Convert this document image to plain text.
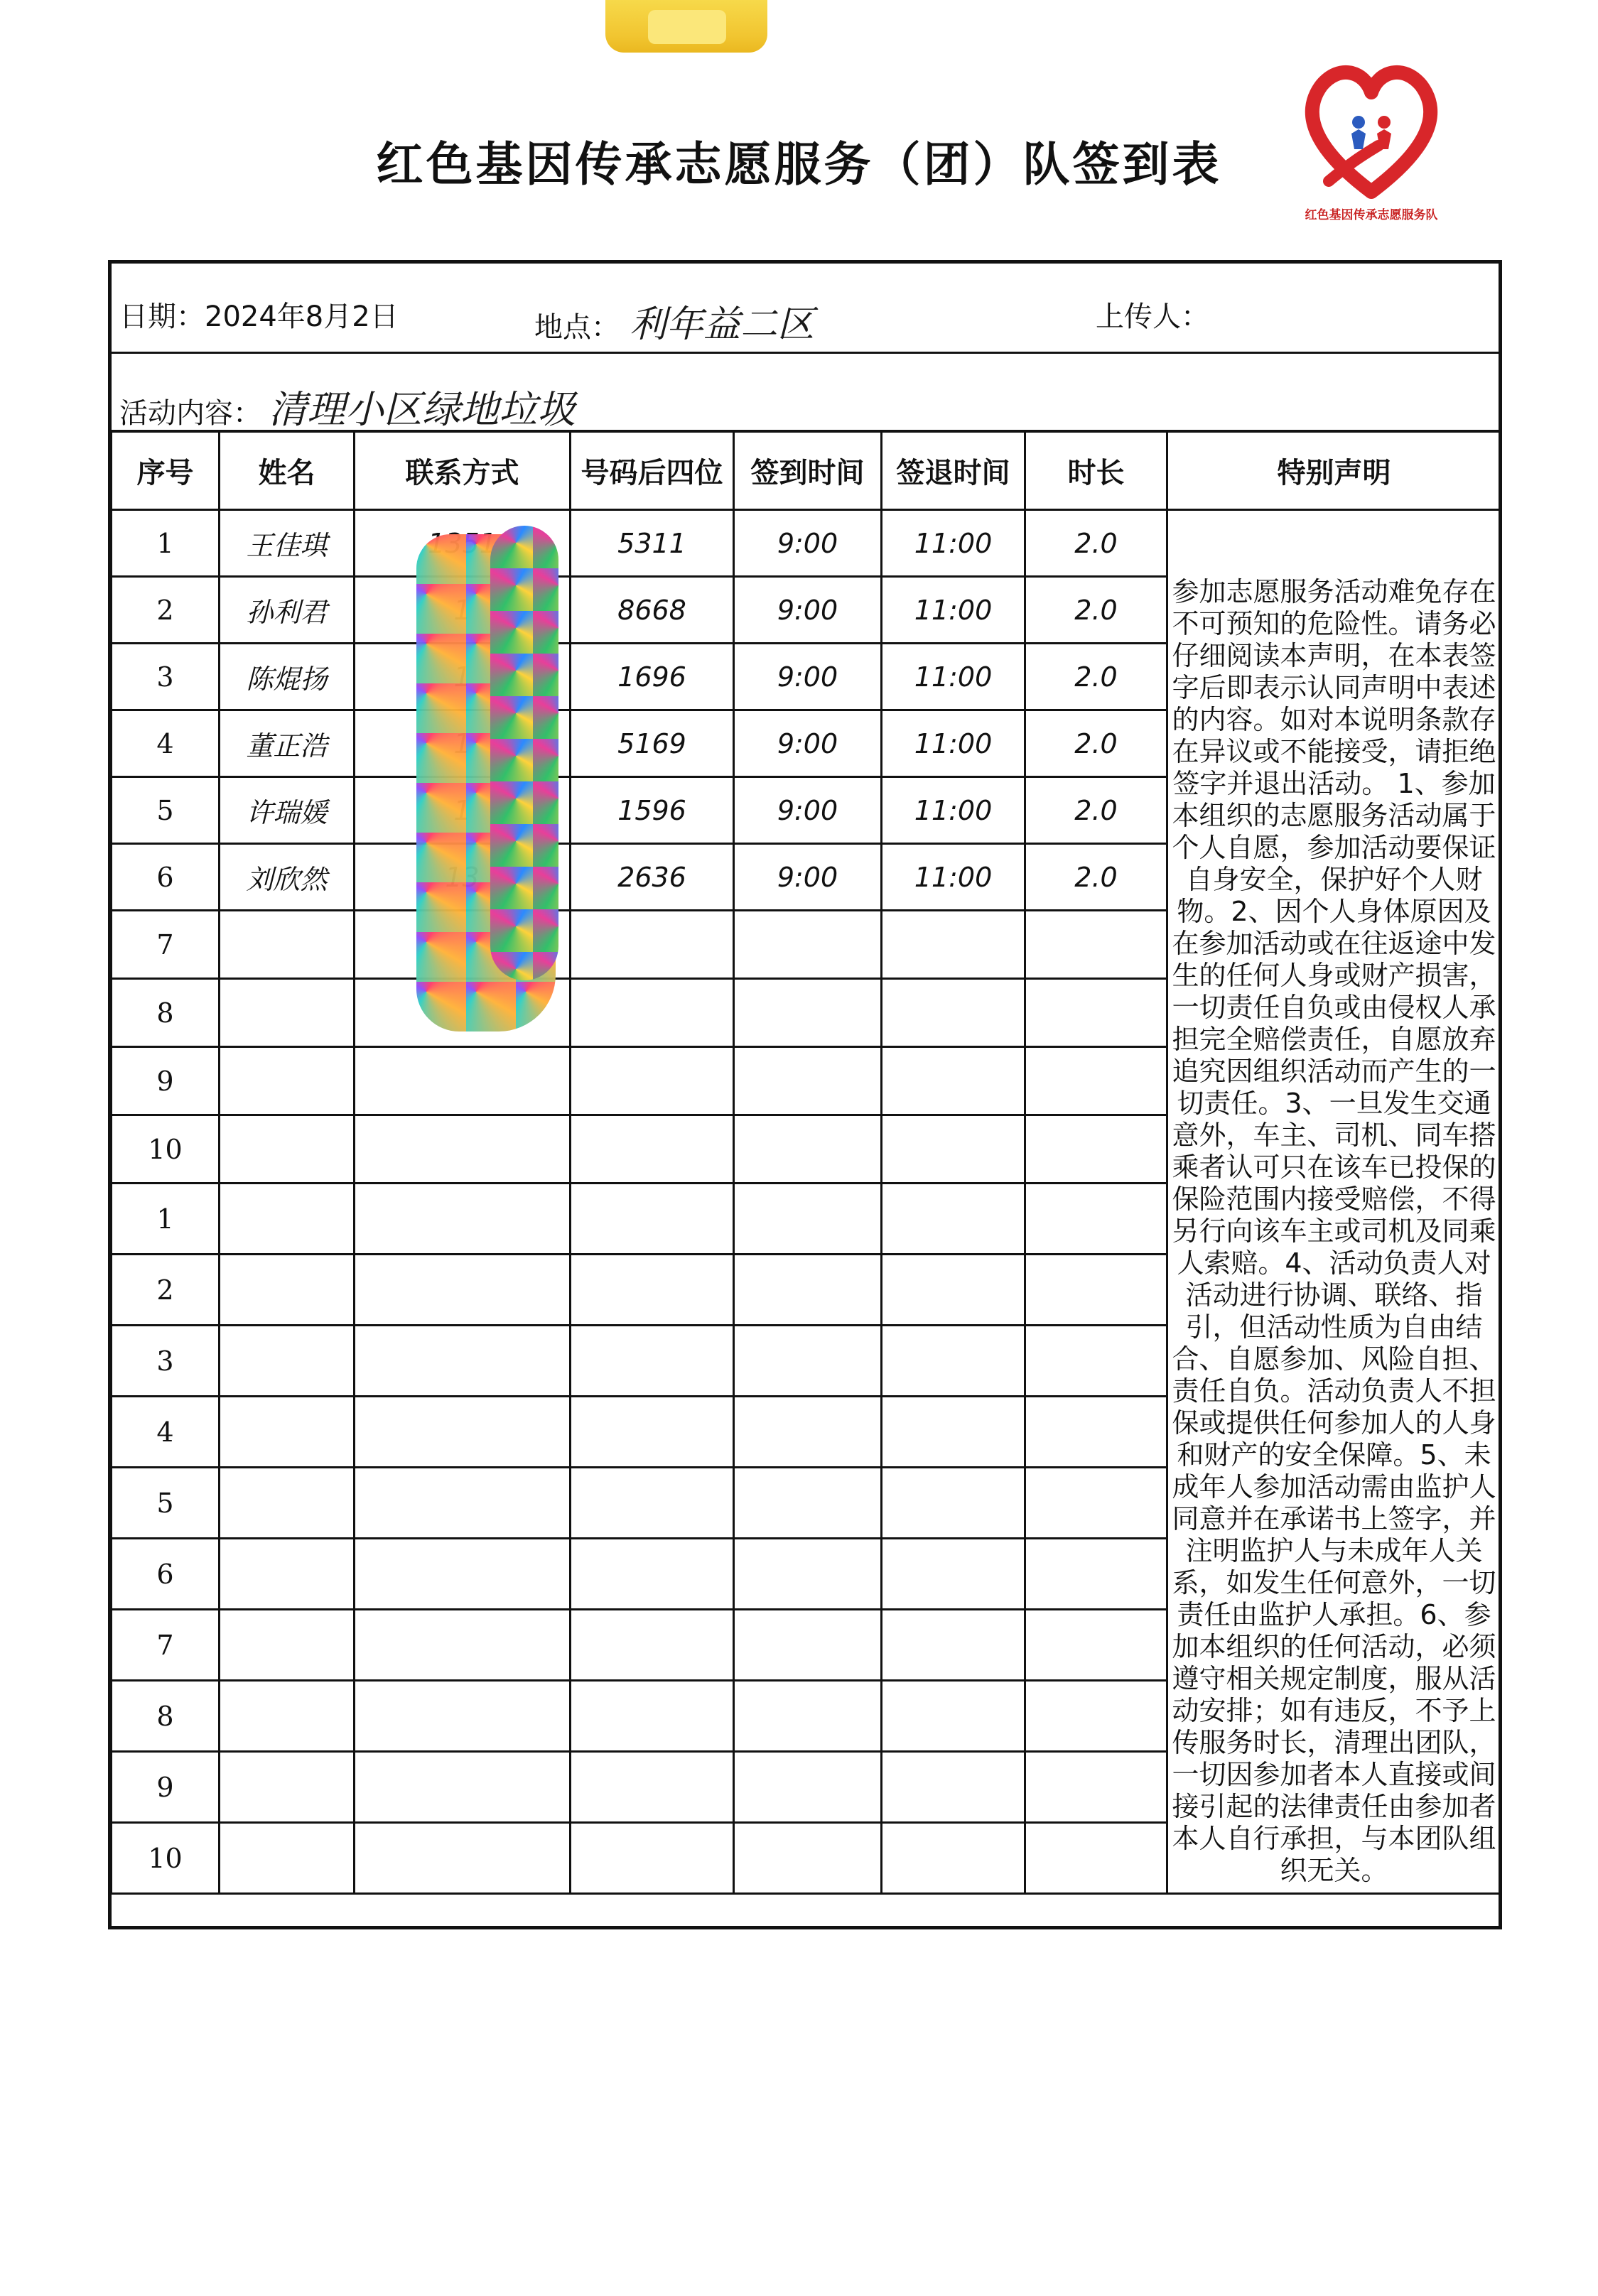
红色基因传承志愿服务（团）队签到表
红色基因传承志愿服务队
日期：2024年8月2日	地点： 利年益二区	上传人：
活动内容： 清理小区绿地垃圾
序号	姓名	联系方式	号码后四位	签到时间	签退时间	时长	特别声明
1	王佳琪		5311	9:00	11:00	2.0	参加志愿服务活动难免存在不可预知的危险性。请务必仔细阅读本声明，在本表签字后即表示认同声明中表述的内容。如对本说明条款存在异议或不能接受，请拒绝签字并退出活动。 1、参加本组织的志愿服务活动属于个人自愿，参加活动要保证自身安全，保护好个人财物。2、因个人身体原因及在参加活动或在往返途中发生的任何人身或财产损害，一切责任自负或由侵权人承担完全赔偿责任，自愿放弃追究因组织活动而产生的一切责任。3、一旦发生交通意外，车主、司机、同车搭乘者认可只在该车已投保的保险范围内接受赔偿，不得另行向该车主或司机及同乘人索赔。4、活动负责人对活动进行协调、联络、指引，但活动性质为自由结合、自愿参加、风险自担、责任自负。活动负责人不担保或提供任何参加人的人身和财产的安全保障。5、未成年人参加活动需由监护人同意并在承诺书上签字，并注明监护人与未成年人关系，如发生任何意外，一切责任由监护人承担。6、参加本组织的任何活动，必须遵守相关规定制度，服从活动安排；如有违反，不予上传服务时长，清理出团队，一切因参加者本人直接或间接引起的法律责任由参加者本人自行承担，与本团队组织无关。

2	孙利君		8668	9:00	11:00	2.0	
3	陈焜扬		1696	9:00	11:00	2.0	
4	董正浩		5169	9:00	11:00	2.0	
5	许瑞媛		1596	9:00	11:00	2.0	
6	刘欣然		2636	9:00	11:00	2.0	
7							
8							
9							
10							
1							
2							
3							
4							
5							
6							
7							
8							
9							
10							
